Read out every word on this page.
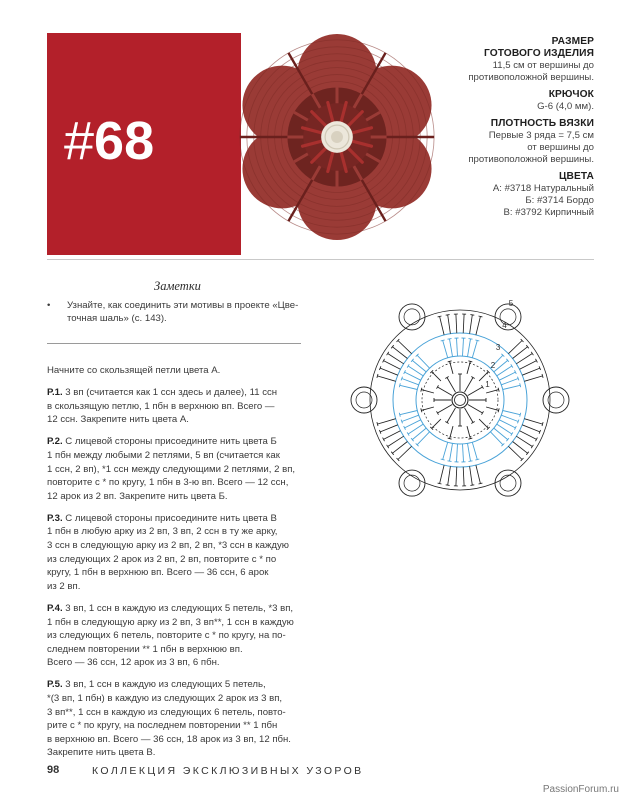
#68
РАЗМЕР
ГОТОВОГО ИЗДЕЛИЯ
11,5 см от вершины до
противоположной вершины.
КРЮЧОК
G-6 (4,0 мм).
ПЛОТНОСТЬ ВЯЗКИ
Первые 3 ряда = 7,5 см
от вершины до
противоположной вершины.
ЦВЕТА
А: #3718 Натуральный
Б: #3714 Бордо
В: #3792 Кирпичный
Заметки
•	Узнайте, как соединить эти мотивы в проекте «Цве-
точная шаль» (с. 143).

Начните со скользящей петли цвета А.

Р.1. 3 вп (считается как 1 ссн здесь и далее), 11 ссн
в скользящую петлю, 1 пбн в верхнюю вп. Всего —
12 ссн. Закрепите нить цвета А.

Р.2. С лицевой стороны присоедините нить цвета Б
1 пбн между любыми 2 петлями, 5 вп (считается как
1 ссн, 2 вп), *1 ссн между следующими 2 петлями, 2 вп,
повторите с * по кругу, 1 пбн в 3-ю вп. Всего — 12 ссн,
12 арок из 2 вп. Закрепите нить цвета Б.

Р.3. С лицевой стороны присоедините нить цвета В
1 пбн в любую арку из 2 вп, 3 вп, 2 ссн в ту же арку,
3 ссн в следующую арку из 2 вп, 2 вп, *3 ссн в каждую
из следующих 2 арок из 2 вп, 2 вп, повторите с * по
кругу, 1 пбн в верхнюю вп. Всего — 36 ссн, 6 арок
из 2 вп.

Р.4. 3 вп, 1 ссн в каждую из следующих 5 петель, *3 вп,
1 пбн в следующую арку из 2 вп, 3 вп**, 1 ссн в каждую
из следующих 6 петель, повторите с * по кругу, на по-
следнем повторении ** 1 пбн в верхнюю вп.
Всего — 36 ссн, 12 арок из 3 вп, 6 пбн.

Р.5. 3 вп, 1 ссн в каждую из следующих 5 петель,
*(3 вп, 1 пбн) в каждую из следующих 2 арок из 3 вп,
3 вп**, 1 ссн в каждую из следующих 6 петель, повто-
рите с * по кругу, на последнем повторении ** 1 пбн
в верхнюю вп. Всего — 36 ссн, 18 арок из 3 вп, 12 пбн.
Закрепите нить цвета В.

1
2
3
4
5
98	КОЛЛЕКЦИЯ ЭКСКЛЮЗИВНЫХ УЗОРОВ
PassionForum.ru
